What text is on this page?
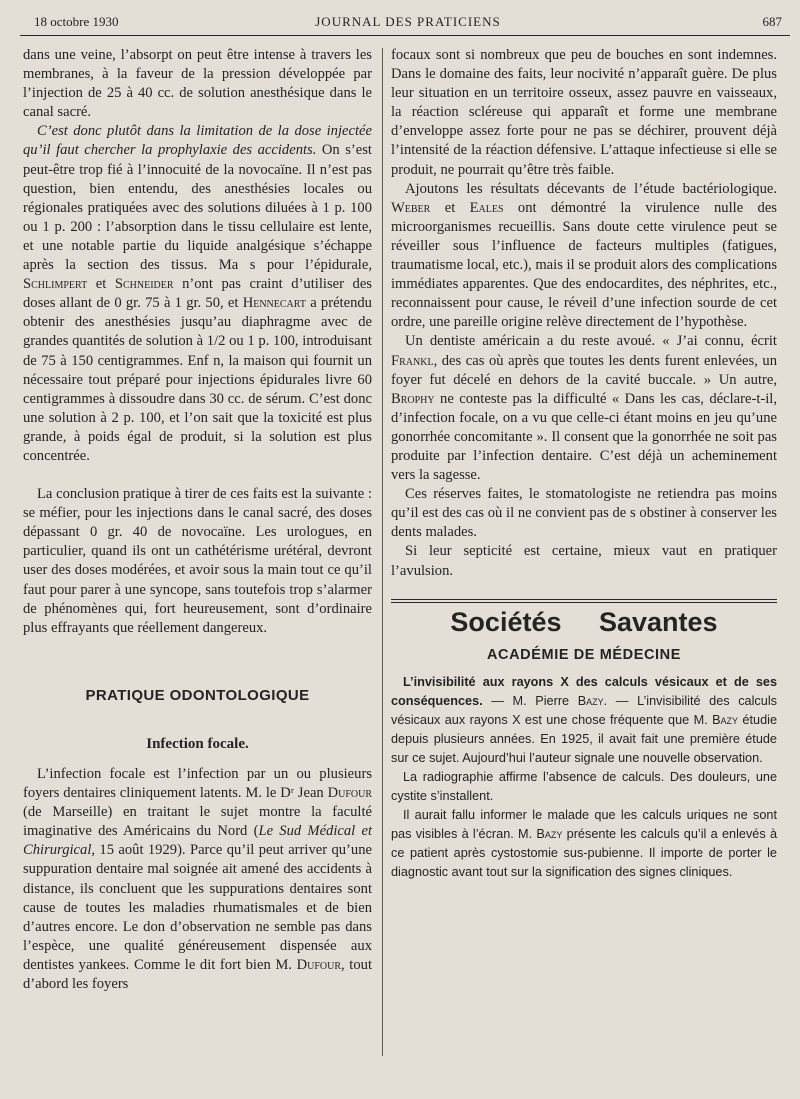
18 octobre 1930	JOURNAL DES PRATICIENS	687

dans une veine, l’absorpt on peut être intense à travers les membranes, à la faveur de la pression développée par l’injection de 25 à 40 cc. de solution anesthésique dans le canal sacré.

C’est donc plutôt dans la limitation de la dose injectée qu’il faut chercher la prophylaxie des accidents. On s’est peut-être trop fié à l’innocuité de la novocaïne. Il n’est pas question, bien entendu, des anesthésies locales ou régionales pratiquées avec des solutions diluées à 1 p. 100 ou 1 p. 200 : l’absorption dans le tissu cellulaire est lente, et une notable partie du liquide analgésique s’échappe après la section des tissus. Ma s pour l’épidurale, Schlimpert et Schneider n’ont pas craint d’utiliser des doses allant de 0 gr. 75 à 1 gr. 50, et Hennecart a prétendu obtenir des anesthésies jusqu’au diaphragme avec de grandes quantités de solution à 1/2 ou 1 p. 100, introduisant de 75 à 150 centigrammes. Enf n, la maison qui fournit un nécessaire tout préparé pour injections épidurales livre 60 centigrammes à dissoudre dans 30 cc. de sérum. C’est donc une solution à 2 p. 100, et l’on sait que la toxicité est plus grande, à poids égal de produit, si la solution est plus concentrée.

La conclusion pratique à tirer de ces faits est la suivante : se méfier, pour les injections dans le canal sacré, des doses dépassant 0 gr. 40 de novocaïne. Les urologues, en particulier, quand ils ont un cathétérisme urétéral, devront user des doses modérées, et avoir sous la main tout ce qu’il faut pour parer à une syncope, sans toutefois trop s’alarmer de phénomènes qui, fort heureusement, sont d’ordinaire plus effrayants que réellement dangereux.

PRATIQUE ODONTOLOGIQUE
Infection focale.

L’infection focale est l’infection par un ou plusieurs foyers dentaires cliniquement latents. M. le Dʳ Jean Dufour (de Marseille) en traitant le sujet montre la faculté imaginative des Américains du Nord (Le Sud Médical et Chirurgical, 15 août 1929). Parce qu’il peut arriver qu’une suppuration dentaire mal soignée ait amené des accidents à distance, ils concluent que les suppurations dentaires sont cause de toutes les maladies rhumatismales et de bien d’autres encore. Le don d’observation ne semble pas dans l’espèce, une qualité généreusement dispensée aux dentistes yankees. Comme le dit fort bien M. Dufour, tout d’abord les foyers

focaux sont si nombreux que peu de bouches en sont indemnes. Dans le domaine des faits, leur nocivité n’apparaît guère. De plus leur situation en un territoire osseux, assez pauvre en vaisseaux, la réaction scléreuse qui apparaît et forme une membrane d’enveloppe assez forte pour ne pas se déchirer, prouvent déjà l’intensité de la réaction défensive. L’attaque infectieuse si elle se produit, ne pourrait qu’être très faible.

Ajoutons les résultats décevants de l’étude bactériologique. Weber et Eales ont démontré la virulence nulle des microorganismes recueillis. Sans doute cette virulence peut se réveiller sous l’influence de facteurs multiples (fatigues, traumatisme local, etc.), mais il se produit alors des complications immédiates apparentes. Que des endocardites, des néphrites, etc., reconnaissent pour cause, le réveil d’une infection sourde de cet ordre, une pareille origine relève directement de l’hypothèse.

Un dentiste américain a du reste avoué. « J’ai connu, écrit Frankl, des cas où après que toutes les dents furent enlevées, un foyer fut décelé en dehors de la cavité buccale. » Un autre, Brophy ne conteste pas la difficulté « Dans les cas, déclare-t-il, d’infection focale, on a vu que celle-ci étant moins en jeu qu’une gonorrhée concomitante ». Il consent que la gonorrhée ne soit pas produite par l’infection dentaire. C’est déjà un acheminement vers la sagesse.

Ces réserves faites, le stomatologiste ne retiendra pas moins qu’il est des cas où il ne convient pas de s obstiner à conserver les dents malades.

Si leur septicité est certaine, mieux vaut en pratiquer l’avulsion.

Sociétés Savantes
ACADÉMIE DE MÉDECINE

L’invisibilité aux rayons X des calculs vésicaux et de ses conséquences. — M. Pierre Bazy. — L’invisibilité des calculs vésicaux aux rayons X est une chose fréquente que M. Bazy étudie depuis plusieurs années. En 1925, il avait fait une première étude sur ce sujet. Aujourd’hui l’auteur signale une nouvelle observation.

La radiographie affirme l’absence de calculs. Des douleurs, une cystite s’installent.

Il aurait fallu informer le malade que les calculs uriques ne sont pas visibles à l’écran. M. Bazy présente les calculs qu’il a enlevés à ce patient après cystostomie sus-pubienne. Il importe de porter le diagnostic avant tout sur la signification des signes cliniques.
